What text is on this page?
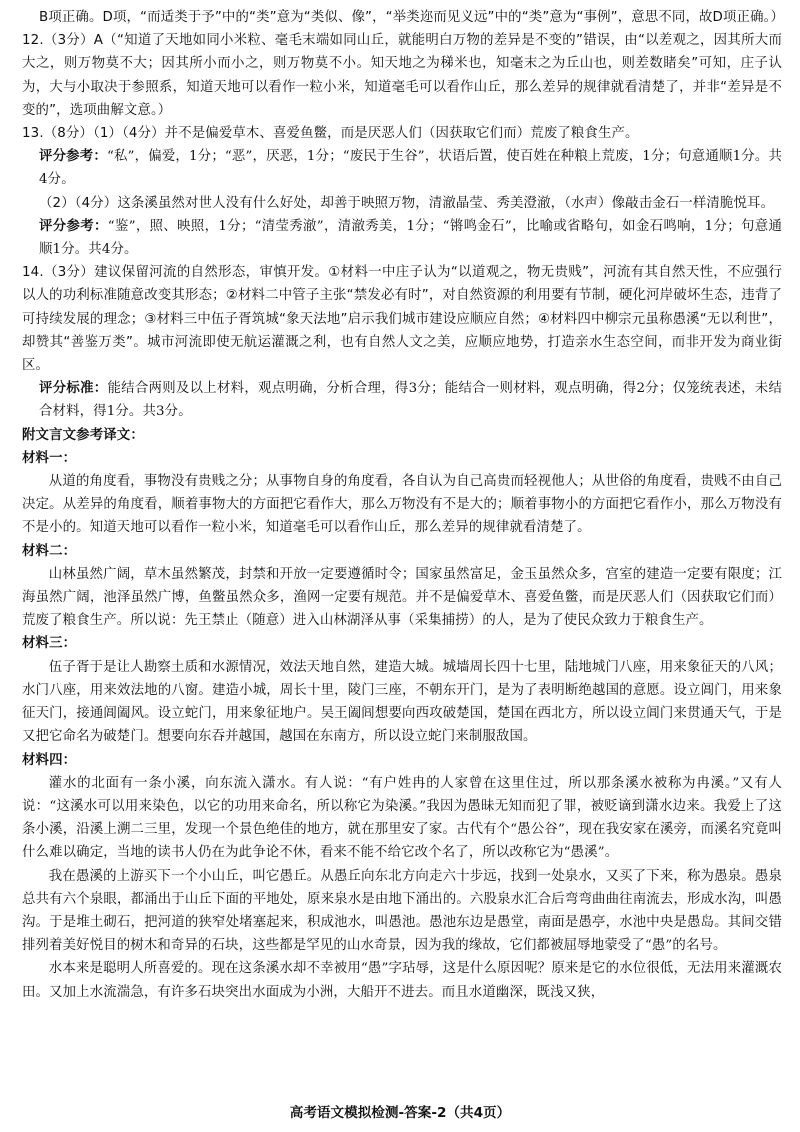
B项正确。D项，“而适类于予”中的“类”意为“类似、像”，“举类迩而见义远”中的“类”意为“事例”，意思不同，故D项正确。）

12.（3分）A（“知道了天地如同小米粒、毫毛末端如同山丘，就能明白万物的差异是不变的”错误，由“以差观之，因其所大而大之，则万物莫不大；因其所小而小之，则万物莫不小。知天地之为稊米也，知毫末之为丘山也，则差数睹矣”可知，庄子认为，大与小取决于参照系，知道天地可以看作一粒小米，知道毫毛可以看作山丘，那么差异的规律就看清楚了，并非“差异是不变的”，选项曲解文意。）

13.（8分）（1）（4分）并不是偏爱草木、喜爱鱼鳖，而是厌恶人们（因获取它们而）荒废了粮食生产。

评分参考：“私”，偏爱，1分；“恶”，厌恶，1分；“废民于生谷”，状语后置，使百姓在种粮上荒废，1分；句意通顺1分。共4分。

（2）（4分）这条溪虽然对世人没有什么好处，却善于映照万物，清澈晶莹、秀美澄澈，（水声）像敲击金石一样清脆悦耳。

评分参考：“鉴”，照、映照，1分；“清莹秀澈”，清澈秀美，1分；“锵鸣金石”，比喻或省略句，如金石鸣响，1分；句意通顺1分。共4分。

14.（3分）建议保留河流的自然形态，审慎开发。①材料一中庄子认为“以道观之，物无贵贱”，河流有其自然天性，不应强行以人的功利标准随意改变其形态；②材料二中管子主张“禁发必有时”，对自然资源的利用要有节制，硬化河岸破坏生态，违背了可持续发展的理念；③材料三中伍子胥筑城“象天法地”启示我们城市建设应顺应自然；④材料四中柳宗元虽称愚溪“无以利世”，却赞其“善鉴万类”。城市河流即使无航运灌溉之利，也有自然人文之美，应顺应地势，打造亲水生态空间，而非开发为商业街区。

评分标准：能结合两则及以上材料，观点明确，分析合理，得3分；能结合一则材料，观点明确，得2分；仅笼统表述，未结合材料，得1分。共3分。

附文言文参考译文：

材料一：

从道的角度看，事物没有贵贱之分；从事物自身的角度看，各自认为自己高贵而轻视他人；从世俗的角度看，贵贱不由自己决定。从差异的角度看，顺着事物大的方面把它看作大，那么万物没有不是大的；顺着事物小的方面把它看作小，那么万物没有不是小的。知道天地可以看作一粒小米，知道毫毛可以看作山丘，那么差异的规律就看清楚了。

材料二：

山林虽然广阔，草木虽然繁茂，封禁和开放一定要遵循时令；国家虽然富足，金玉虽然众多，宫室的建造一定要有限度；江海虽然广阔，池泽虽然广博，鱼鳖虽然众多，渔网一定要有规范。并不是偏爱草木、喜爱鱼鳖，而是厌恶人们（因获取它们而）荒废了粮食生产。所以说：先王禁止（随意）进入山林湖泽从事（采集捕捞）的人，是为了使民众致力于粮食生产。

材料三：

伍子胥于是让人勘察土质和水源情况，效法天地自然，建造大城。城墙周长四十七里，陆地城门八座，用来象征天的八风；水门八座，用来效法地的八窗。建造小城，周长十里，陵门三座，不朝东开门，是为了表明断绝越国的意愿。设立阊门，用来象征天门，接通阊阖风。设立蛇门，用来象征地户。吴王阖闾想要向西攻破楚国，楚国在西北方，所以设立阊门来贯通天气，于是又把它命名为破楚门。想要向东吞并越国，越国在东南方，所以设立蛇门来制服敌国。

材料四：

灌水的北面有一条小溪，向东流入潇水。有人说：“有户姓冉的人家曾在这里住过，所以那条溪水被称为冉溪。”又有人说：“这溪水可以用来染色，以它的功用来命名，所以称它为染溪。”我因为愚昧无知而犯了罪，被贬谪到潇水边来。我爱上了这条小溪，沿溪上溯二三里，发现一个景色绝佳的地方，就在那里安了家。古代有个“愚公谷”，现在我安家在溪旁，而溪名究竟叫什么难以确定，当地的读书人仍在为此争论不休，看来不能不给它改个名了，所以改称它为“愚溪”。

我在愚溪的上游买下一个小山丘，叫它愚丘。从愚丘向东北方向走六十步远，找到一处泉水，又买了下来，称为愚泉。愚泉总共有六个泉眼，都涌出于山丘下面的平地处，原来泉水是由地下涌出的。六股泉水汇合后弯弯曲曲往南流去，形成水沟，叫愚沟。于是堆土砌石，把河道的狭窄处堵塞起来，积成池水，叫愚池。愚池东边是愚堂，南面是愚亭，水池中央是愚岛。其间交错排列着美好悦目的树木和奇异的石块，这些都是罕见的山水奇景，因为我的缘故，它们都被屈辱地蒙受了“愚”的名号。

水本来是聪明人所喜爱的。现在这条溪水却不幸被用“愚”字玷辱，这是什么原因呢？原来是它的水位很低，无法用来灌溉农田。又加上水流湍急，有许多石块突出水面成为小洲，大船开不进去。而且水道幽深，既浅又狭，

高考语文模拟检测-答案-2（共4页）
